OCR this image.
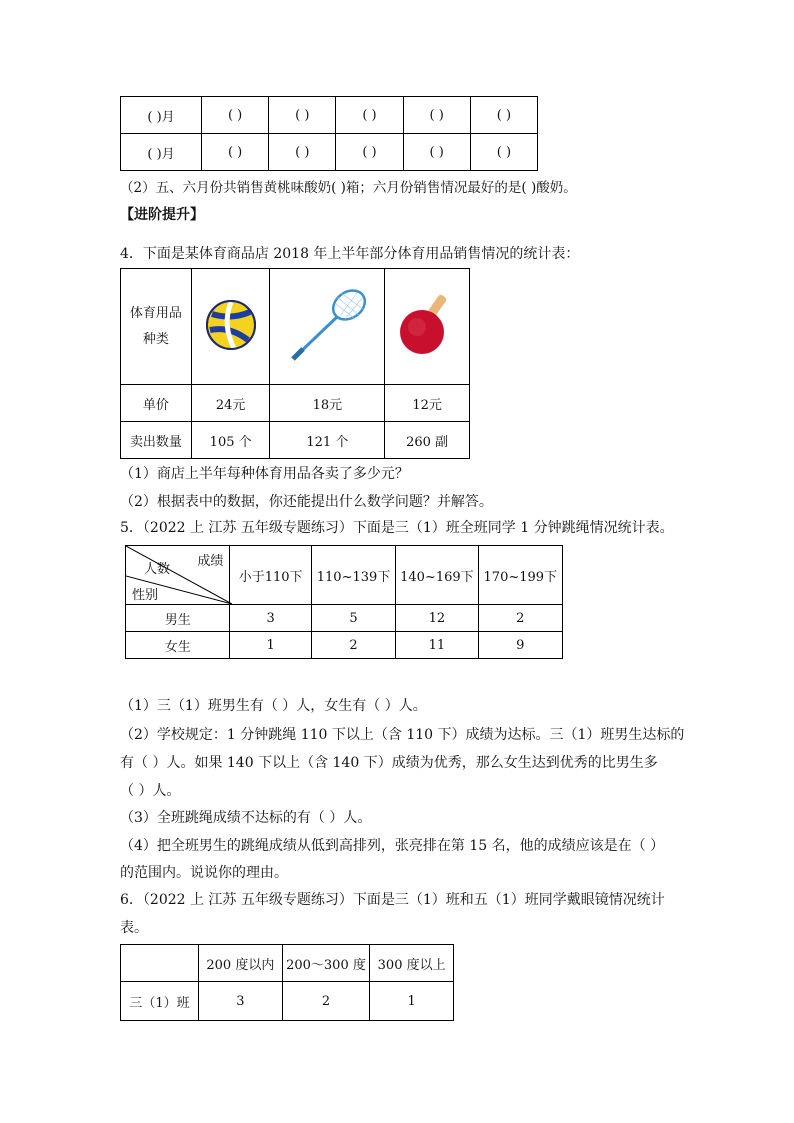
( )月	( )	( )	( )	( )	( )
( )月	( )	( )	( )	( )	( )
（2）五、六月份共销售黄桃味酸奶( )箱；六月份销售情况最好的是( )酸奶。
【进阶提升】
4．下面是某体育商品店 2018 年上半年部分体育用品销售情况的统计表：
体育用品种类			
单价	24元	18元	12元
卖出数量	105 个	121 个	260 副
（1）商店上半年每种体育用品各卖了多少元？
（2）根据表中的数据，你还能提出什么数学问题？并解答。
5．（2022 上 江苏 五年级专题练习）下面是三（1）班全班同学 1 分钟跳绳情况统计表。
成绩
人数
性别	小于110下	110~139下	140~169下	170~199下
男生	3	5	12	2
女生	1	2	11	9
（1）三（1）班男生有（ ）人，女生有（ ）人。
（2）学校规定：1 分钟跳绳 110 下以上（含 110 下）成绩为达标。三（1）班男生达标的
有（ ）人。如果 140 下以上（含 140 下）成绩为优秀，那么女生达到优秀的比男生多
（ ）人。
（3）全班跳绳成绩不达标的有（ ）人。
（4）把全班男生的跳绳成绩从低到高排列，张亮排在第 15 名，他的成绩应该是在（ ）
的范围内。说说你的理由。
6．（2022 上 江苏 五年级专题练习）下面是三（1）班和五（1）班同学戴眼镜情况统计
表。
	200 度以内	200～300 度	300 度以上
三（1）班	3	2	1
